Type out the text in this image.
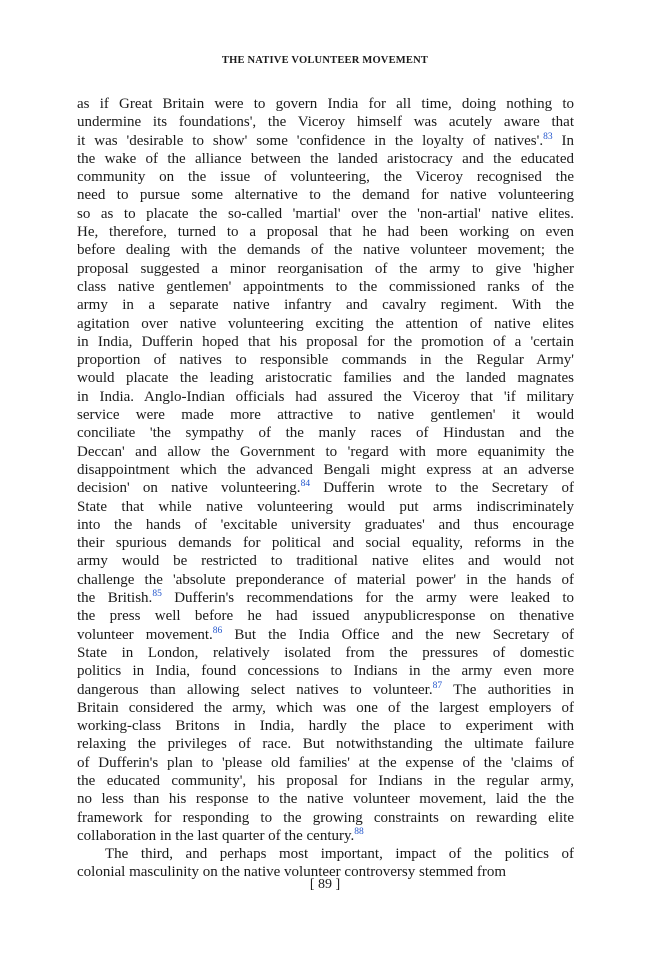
THE NATIVE VOLUNTEER MOVEMENT
as if Great Britain were to govern India for all time, doing nothing to
undermine its foundations', the Viceroy himself was acutely aware that
it was 'desirable to show' some 'confidence in the loyalty of natives'.$^{83}$ In
the wake of the alliance between the landed aristocracy and the educated
community on the issue of volunteering, the Viceroy recognised the
need to pursue some alternative to the demand for native volunteering
so as to placate the so-called 'martial' over the 'non-artial' native elites.
He, therefore, turned to a proposal that he had been working on even
before dealing with the demands of the native volunteer movement; the
proposal suggested a minor reorganisation of the army to give 'higher
class native gentlemen' appointments to the commissioned ranks of the
army in a separate native infantry and cavalry regiment. With the
agitation over native volunteering exciting the attention of native elites
in India, Dufferin hoped that his proposal for the promotion of a 'certain
proportion of natives to responsible commands in the Regular Army'
would placate the leading aristocratic families and the landed magnates
in India. Anglo-Indian officials had assured the Viceroy that 'if military
service were made more attractive to native gentlemen' it would
conciliate 'the sympathy of the manly races of Hindustan and the
Deccan' and allow the Government to 'regard with more equanimity the
disappointment which the advanced Bengali might express at an adverse
decision' on native volunteering.$^{84}$ Dufferin wrote to the Secretary of
State that while native volunteering would put arms indiscriminately
into the hands of 'excitable university graduates' and thus encourage
their spurious demands for political and social equality, reforms in the
army would be restricted to traditional native elites and would not
challenge the 'absolute preponderance of material power' in the hands of
the British.$^{85}$ Dufferin's recommendations for the army were leaked to
the press well before he had issued anypublicresponse on thenative
volunteer movement.$^{86}$ But the India Office and the new Secretary of
State in London, relatively isolated from the pressures of domestic
politics in India, found concessions to Indians in the army even more
dangerous than allowing select natives to volunteer.$^{87}$ The authorities in
Britain considered the army, which was one of the largest employers of
working-class Britons in India, hardly the place to experiment with
relaxing the privileges of race. But notwithstanding the ultimate failure
of Dufferin's plan to 'please old families' at the expense of the 'claims of
the educated community', his proposal for Indians in the regular army,
no less than his response to the native volunteer movement, laid the the
framework for responding to the growing constraints on rewarding elite
collaboration in the last quarter of the century.$^{88}$
The third, and perhaps most important, impact of the politics of
colonial masculinity on the native volunteer controversy stemmed from
[ 89 ]
